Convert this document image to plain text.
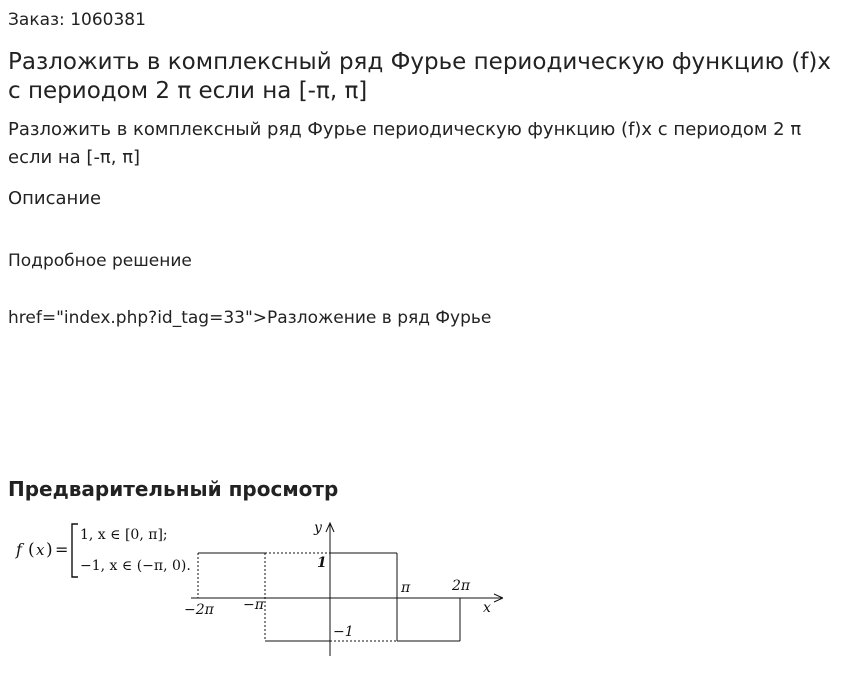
Заказ: 1060381
Разложить в комплексный ряд Фурье периодическую функцию (f)x с периодом 2 π если на [-π, π]

Разложить в комплексный ряд Фурье периодическую функцию (f)x с периодом 2 π если на [-π, π]

Описание
Подробное решение
href="index.php?id_tag=33">Разложение в ряд Фурье
Предварительный просмотр
f ( x ) =
1, x ∈ [0, π];
−1, x ∈ (−π, 0).
y
x
1
−1
π	2π
−π
−2π
